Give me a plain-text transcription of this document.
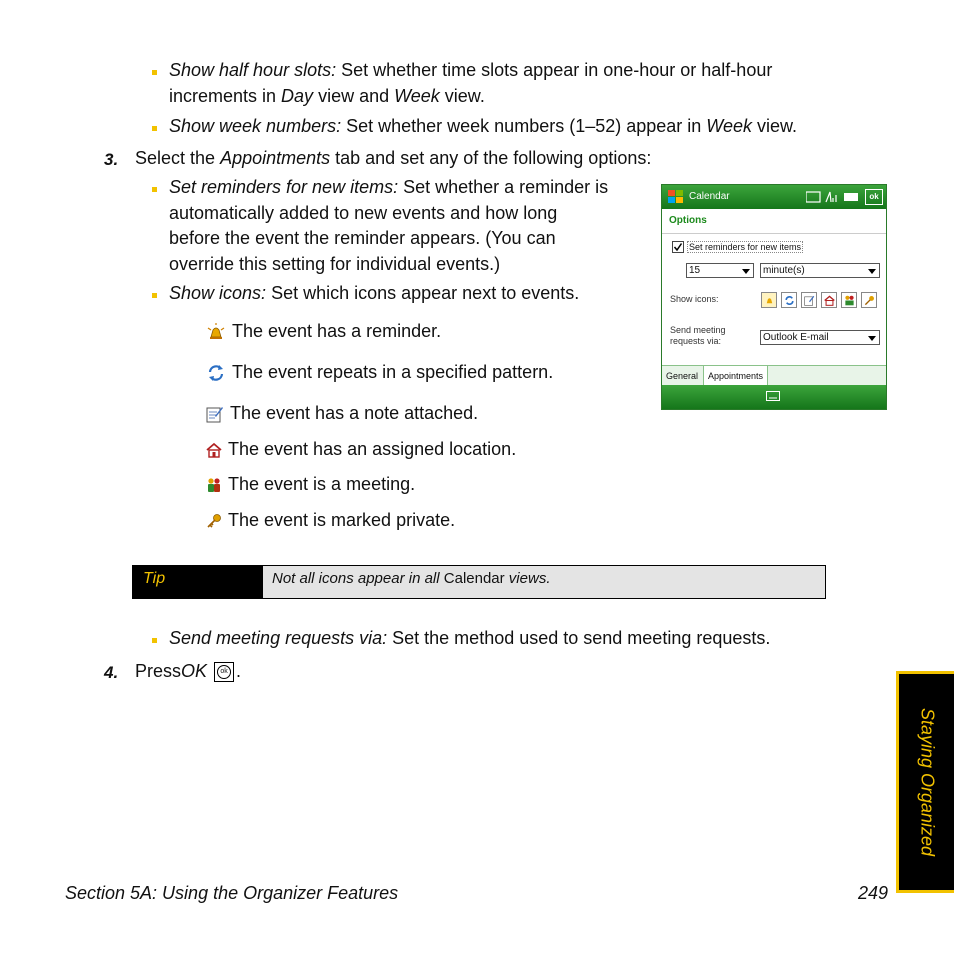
Show half hour slots: Set whether time slots appear in one-hour or half-hour
increments in Day view and Week view.
Show week numbers: Set whether week numbers (1–52) appear in Week view.
3. Select the Appointments tab and set any of the following options:
Set reminders for new items: Set whether a reminder is
automatically added to new events and how long
before the event the reminder appears. (You can
override this setting for individual events.)
Show icons: Set which icons appear next to events.
The event has a reminder.
The event repeats in a specified pattern.
The event has a note attached.
The event has an assigned location.
The event is a meeting.
The event is marked private.
Calendar	ok
Options
Set reminders for new items
15	minute(s)
Show icons:
Send meeting
requests via:	Outlook E-mail
General	Appointments
Tip	Not all icons appear in all Calendar views.
Send meeting requests via: Set the method used to send meeting requests.
4. Press OK	ok .
Staying Organized
Section 5A: Using the Organizer Features	249
